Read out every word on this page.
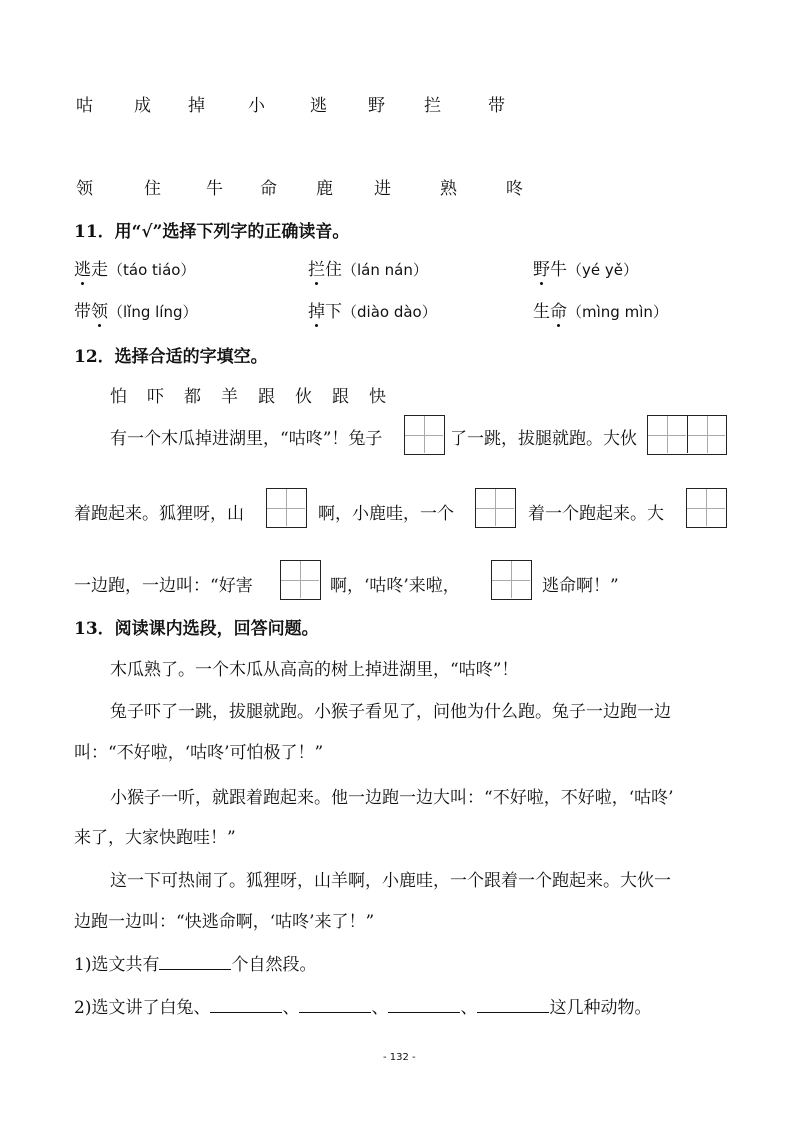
咕 成 掉	小	逃 野 拦	带
领	住	牛 命 鹿 进	熟	咚
11．用“√”选择下列字的正确读音。
逃走（táo tiáo）	拦住（lán nán）	野牛（yé yě）
带领（lǐng líng）	掉下（diào dào）	生命（mìng mìn）
12．选择合适的字填空。
怕 吓 都 羊 跟 伙 跟 快
有一个木瓜掉进湖里，“咕咚”！兔子	了一跳，拔腿就跑。大伙
着跑起来。狐狸呀，山	啊，小鹿哇，一个	着一个跑起来。大
一边跑，一边叫：“好害	啊，‘咕咚’来啦，	逃命啊！”
13．阅读课内选段，回答问题。
木瓜熟了。一个木瓜从高高的树上掉进湖里，“咕咚”！
兔子吓了一跳，拔腿就跑。小猴子看见了，问他为什么跑。兔子一边跑一边
叫：“不好啦，‘咕咚’可怕极了！”
小猴子一听，就跟着跑起来。他一边跑一边大叫：“不好啦，不好啦，‘咕咚’
来了，大家快跑哇！”
这一下可热闹了。狐狸呀，山羊啊，小鹿哇，一个跟着一个跑起来。大伙一
边跑一边叫：“快逃命啊，‘咕咚’来了！”
1)选文共有	个自然段。
2)选文讲了白兔、	、	、	、	这几种动物。
- 132 -
